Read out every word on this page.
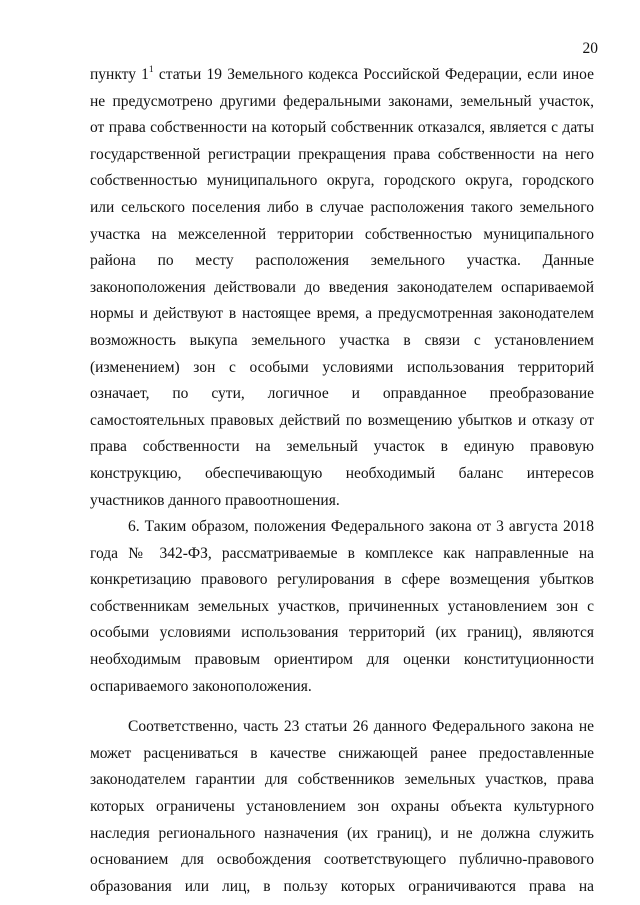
20
пункту $1^1$ статьи 19 Земельного кодекса Российской Федерации, если иное
не предусмотрено другими федеральными законами, земельный участок,
от права собственности на который собственник отказался, является с даты
государственной регистрации прекращения права собственности на него
собственностью муниципального округа, городского округа, городского
или сельского поселения либо в случае расположения такого земельного
участка на межселенной территории собственностью муниципального
района по месту расположения земельного участка. Данные
законоположения действовали до введения законодателем оспариваемой
нормы и действуют в настоящее время, а предусмотренная законодателем
возможность выкупа земельного участка в связи с установлением
(изменением) зон с особыми условиями использования территорий
означает, по сути, логичное и оправданное преобразование
самостоятельных правовых действий по возмещению убытков и отказу от
права собственности на земельный участок в единую правовую
конструкцию, обеспечивающую необходимый баланс интересов
участников данного правоотношения.
6. Таким образом, положения Федерального закона от 3 августа 2018
года № 342-ФЗ, рассматриваемые в комплексе как направленные на
конкретизацию правового регулирования в сфере возмещения убытков
собственникам земельных участков, причиненных установлением зон с
особыми условиями использования территорий (их границ), являются
необходимым правовым ориентиром для оценки конституционности
оспариваемого законоположения.
Соответственно, часть 23 статьи 26 данного Федерального закона не
может расцениваться в качестве снижающей ранее предоставленные
законодателем гарантии для собственников земельных участков, права
которых ограничены установлением зон охраны объекта культурного
наследия регионального назначения (их границ), и не должна служить
основанием для освобождения соответствующего публично-правового
образования или лиц, в пользу которых ограничиваются права на
